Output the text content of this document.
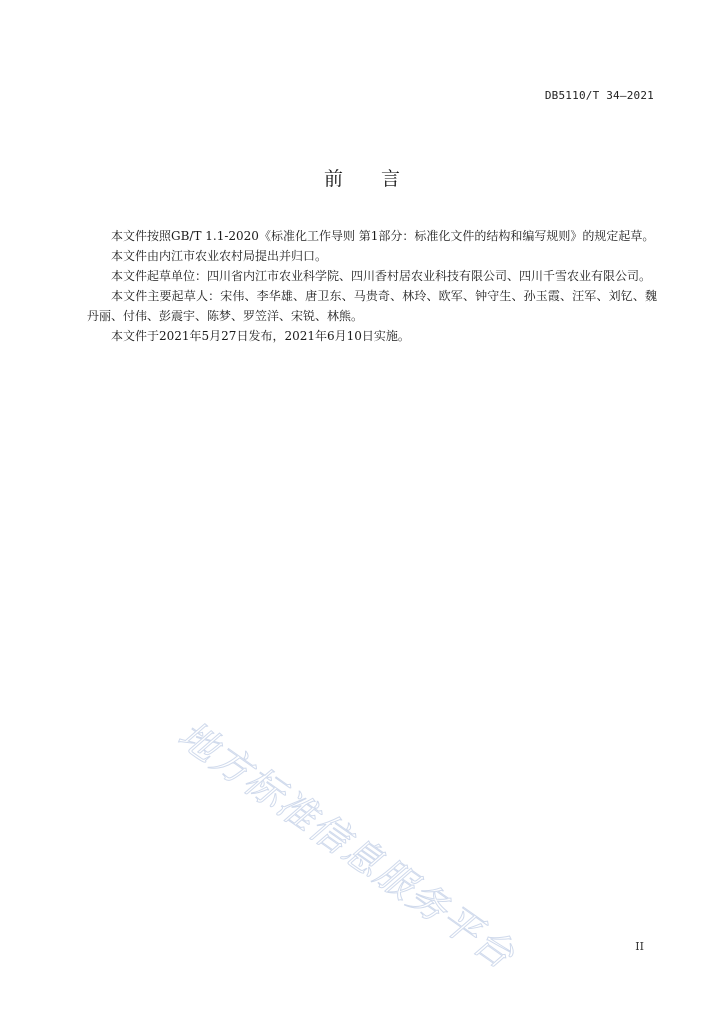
DB5110/T 34—2021
前言

本文件按照GB/T 1.1-2020《标准化工作导则 第1部分：标准化文件的结构和编写规则》的规定起草。

本文件由内江市农业农村局提出并归口。

本文件起草单位：四川省内江市农业科学院、四川香村居农业科技有限公司、四川千雪农业有限公司。

本文件主要起草人：宋伟、李华雄、唐卫东、马贵奇、林玲、欧军、钟守生、孙玉霞、汪军、刘钇、魏丹丽、付伟、彭震宇、陈梦、罗笠洋、宋锐、林熊。

本文件于2021年5月27日发布，2021年6月10日实施。

地方标准信息服务平台	II
